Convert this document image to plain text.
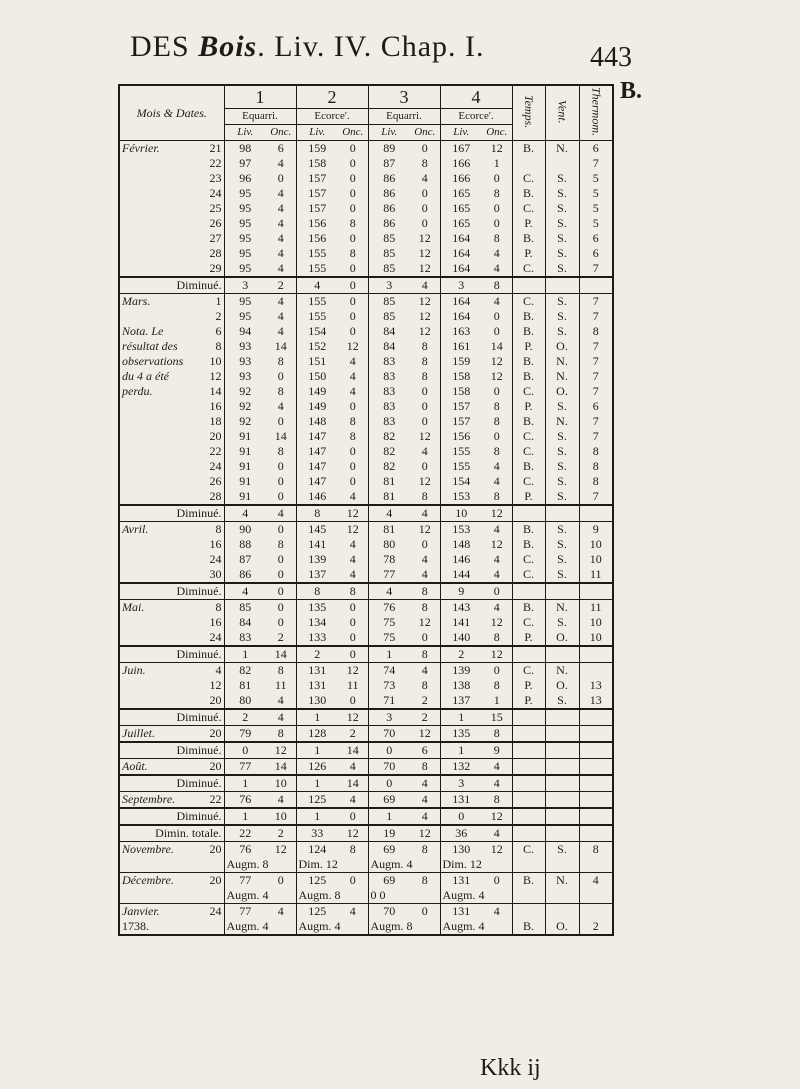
DES Bois. Liv. IV. Chap. I.	443
B.
Mois & Dates.		1		2		3		4		Temps.	Vent.	Thermom.
		Equarri.		Ecorce'.		Equarri.		Ecorce'.				
		Liv.	Onc.	Liv.	Onc.	Liv.	Onc.	Liv.	Onc.			
Février.	21	98	6	159	0	89	0	167	12	B.	N.	6
	22	97	4	158	0	87	8	166	1			7
	23	96	0	157	0	86	4	166	0	C.	S.	5
	24	95	4	157	0	86	0	165	8	B.	S.	5
	25	95	4	157	0	86	0	165	0	C.	S.	5
	26	95	4	156	8	86	0	165	0	P.	S.	5
	27	95	4	156	0	85	12	164	8	B.	S.	6
	28	95	4	155	8	85	12	164	4	P.	S.	6
	29	95	4	155	0	85	12	164	4	C.	S.	7
Diminué.		3	2	4	0	3	4	3	8			
Mars.	1	95	4	155	0	85	12	164	4	C.	S.	7
	2	95	4	155	0	85	12	164	0	B.	S.	7
Nota. Le	6	94	4	154	0	84	12	163	0	B.	S.	8
résultat des	8	93	14	152	12	84	8	161	14	P.	O.	7
observations	10	93	8	151	4	83	8	159	12	B.	N.	7
du 4 a été	12	93	0	150	4	83	8	158	12	B.	N.	7
perdu.	14	92	8	149	4	83	0	158	0	C.	O.	7
	16	92	4	149	0	83	0	157	8	P.	S.	6
	18	92	0	148	8	83	0	157	8	B.	N.	7
	20	91	14	147	8	82	12	156	0	C.	S.	7
	22	91	8	147	0	82	4	155	8	C.	S.	8
	24	91	0	147	0	82	0	155	4	B.	S.	8
	26	91	0	147	0	81	12	154	4	C.	S.	8
	28	91	0	146	4	81	8	153	8	P.	S.	7
Diminué.		4	4	8	12	4	4	10	12			
Avril.	8	90	0	145	12	81	12	153	4	B.	S.	9
	16	88	8	141	4	80	0	148	12	B.	S.	10
	24	87	0	139	4	78	4	146	4	C.	S.	10
	30	86	0	137	4	77	4	144	4	C.	S.	11
Diminué.		4	0	8	8	4	8	9	0			
Mai.	8	85	0	135	0	76	8	143	4	B.	N.	11
	16	84	0	134	0	75	12	141	12	C.	S.	10
	24	83	2	133	0	75	0	140	8	P.	O.	10
Diminué.		1	14	2	0	1	8	2	12			
Juin.	4	82	8	131	12	74	4	139	0	C.	N.	
	12	81	11	131	11	73	8	138	8	P.	O.	13
	20	80	4	130	0	71	2	137	1	P.	S.	13
Diminué.		2	4	1	12	3	2	1	15			
Juillet.	20	79	8	128	2	70	12	135	8			
Diminué.		0	12	1	14	0	6	1	9			
Août.	20	77	14	126	4	70	8	132	4			
Diminué.		1	10	1	14	0	4	3	4			
Septembre.	22	76	4	125	4	69	4	131	8			
Diminué.		1	10	1	0	1	4	0	12			
Dimin. totale.		22	2	33	12	19	12	36	4			
Novembre.	20	76	12	124	8	69	8	130	12	C.	S.	8
		Augm. 8		Dim. 12		Augm. 4		Dim. 12				
Décembre.	20	77	0	125	0	69	8	131	0	B.	N.	4
		Augm. 4		Augm. 8		0 0		Augm. 4				
Janvier.	24	77	4	125	4	70	0	131	4			
1738.		Augm. 4		Augm. 4		Augm. 8		Augm. 4		B.	O.	2
Kkk ij
